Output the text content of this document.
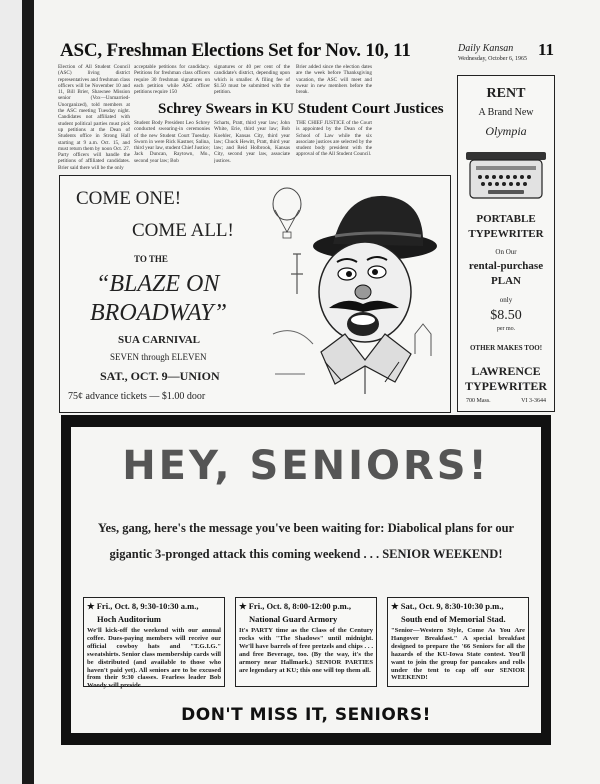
ASC, Freshman Elections Set for Nov. 10, 11	Daily Kansan 11
Wednesday, October 6, 1965
Election of All Student Council (ASC) living district representatives and freshman class officers will be November 10 and 11, Bill Brier, Shawnee Mission senior (Vox—Unmarried-Unorganized), told members at the ASC meeting Tuesday night. Candidates not affiliated with student political parties must pick up petitions at the Dean of Students office in Strong Hall starting at 9 a.m. Oct. 15, and must return them by noon Oct. 27. Party officers will handle the petitions of affiliated candidates. Brier said there will be the only
acceptable petitions for candidacy. Petitions for freshman class officers require 30 freshman signatures on each petition while ASC officer petitions require 150
signatures or 40 per cent of the candidate's district, depending upon which is smaller. A filing fee of $1.50 must be submitted with the petition.
Brier added since the election dates are the week before Thanksgiving vacation, the ASC will meet and swear in new members before the break.
Schrey Swears in KU Student Court Justices
Student Body President Leo Schrey conducted swearing-in ceremonies of the new Student Court Tuesday. Sworn in were Rick Kastner, Salina, third year law, student Chief Justice; Jack Duncan, Raytown, Mo., second year law; Bob
Scharts, Pratt, third year law; John White, Erie, third year law; Bob Koehler, Kansas City, third year law; Chuck Hewitt, Pratt, third year law; and Reid Holbrook, Kansas City, second year law, associate justices.
THE CHIEF JUSTICE of the Court is appointed by the Dean of the School of Law while the six associate justices are selected by the student body president with the approval of the All Student Council.
COME ONE!
COME ALL!
TO THE
“BLAZE ON
BROADWAY”
SUA CARNIVAL
SEVEN through ELEVEN
SAT., OCT. 9—UNION
75¢ advance tickets — $1.00 door
RENT
A Brand New
Olympia
PORTABLE
TYPEWRITER
On Our
rental-purchase
PLAN
only
$8.50
per mo.
OTHER MAKES TOO!
LAWRENCE
TYPEWRITER
700 Mass.	VI 3-3644
HEY, SENIORS!
Yes, gang, here's the message you've been waiting for: Diabolical plans for our
gigantic 3-pronged attack this coming weekend . . . SENIOR WEEKEND!
★ Fri., Oct. 8, 9:30-10:30 a.m.,
Hoch Auditorium
We'll kick-off the weekend with our annual coffee. Dues-paying members will receive our official cowboy hats and "T.G.I.G." sweatshirts. Senior class membership cards will be distributed (and available to those who haven't paid yet). All seniors are to be excused from their 9:30 classes. Fearless leader Bob Woody will preside.
★ Fri., Oct. 8, 8:00-12:00 p.m.,
National Guard Armory
It's PARTY time as the Class of the Century rocks with "The Shadows" until midnight. We'll have barrels of free pretzels and chips . . . and free Beverage, too. (By the way, it's the armory near Hallmark.) SENIOR PARTIES are legendary at KU; this one will top them all.
★ Sat., Oct. 9, 8:30-10:30 p.m.,
South end of Memorial Stad.
"Senior—Western Style, Come As You Are Hangover Breakfast." A special breakfast designed to prepare the '66 Seniors for all the hazards of the KU-Iowa State contest. You'll want to join the group for pancakes and rolls under the tent to cap off our SENIOR WEEKEND!
DON'T MISS IT, SENIORS!
